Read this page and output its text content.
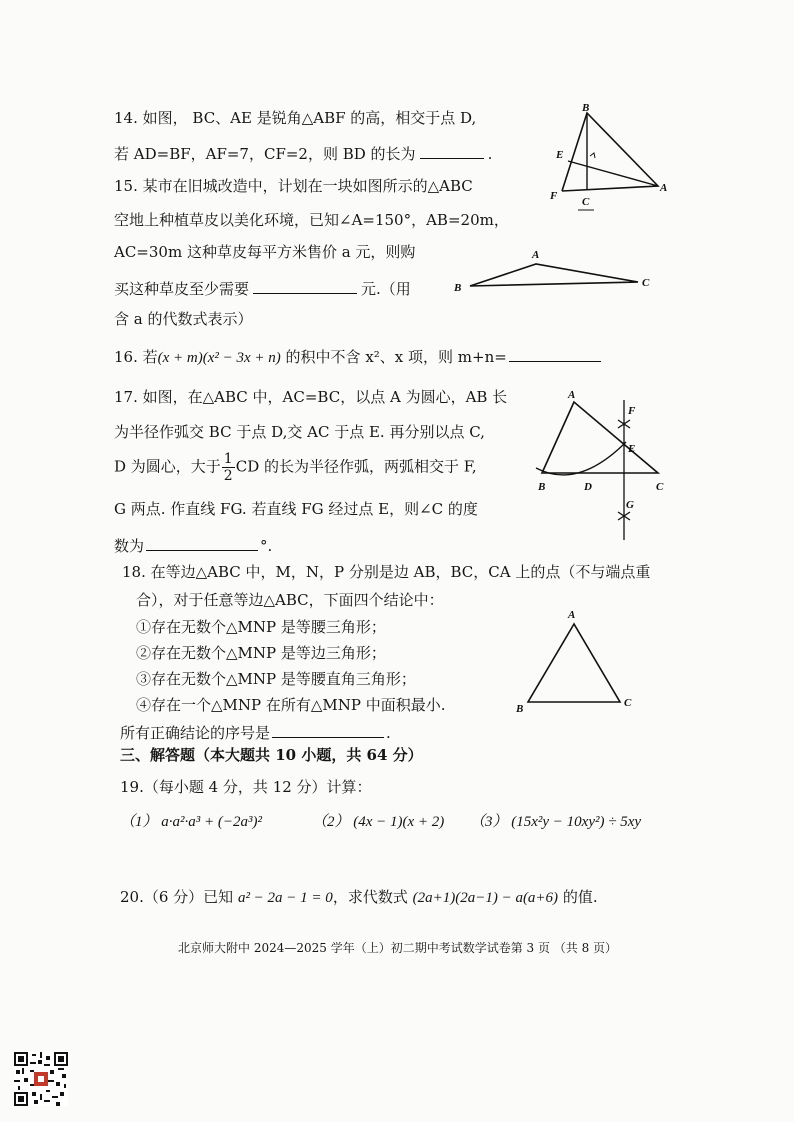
14. 如图， BC、AE 是锐角△ABF 的高，相交于点 D,
若 AD=BF，AF=7，CF=2，则 BD 的长为	.
B
E
F
A
C
15. 某市在旧城改造中，计划在一块如图所示的△ABC
空地上种植草皮以美化环境，已知∠A=150°，AB=20m，
AC=30m 这种草皮每平方米售价 a 元，则购
买这种草皮至少需要	元.（用
含 a 的代数式表示）
A
B	C
16. 若(x + m)(x² − 3x + n) 的积中不含 x²、x 项，则 m+n=
17. 如图，在△ABC 中，AC=BC，以点 A 为圆心，AB 长
为半径作弧交 BC 于点 D,交 AC 于点 E. 再分别以点 C,
D 为圆心，大于 $\frac{1}{2}$ CD 的长为半径作弧，两弧相交于 F,
G 两点. 作直线 FG. 若直线 FG 经过点 E，则∠C 的度
数为	°.
A
F
E
B	D	C
G
18. 在等边△ABC 中，M，N，P 分别是边 AB，BC，CA 上的点（不与端点重
合），对于任意等边△ABC，下面四个结论中：
①存在无数个△MNP 是等腰三角形；
②存在无数个△MNP 是等边三角形；
③存在无数个△MNP 是等腰直角三角形；
④存在一个△MNP 在所有△MNP 中面积最小.
所有正确结论的序号是	.
A
B	C
三、解答题（本大题共 10 小题，共 64 分）
19.（每小题 4 分，共 12 分）计算：
（1） a·a²·a³ + (−2a³)²	（2） (4x − 1)(x + 2) （3） (15x²y − 10xy²) ÷ 5xy
20.（6 分）已知 a² − 2a − 1 = 0，求代数式 (2a+1)(2a−1) − a(a+6) 的值.
北京师大附中 2024—2025 学年（上）初二期中考试数学试卷第 3 页 （共 8 页）
